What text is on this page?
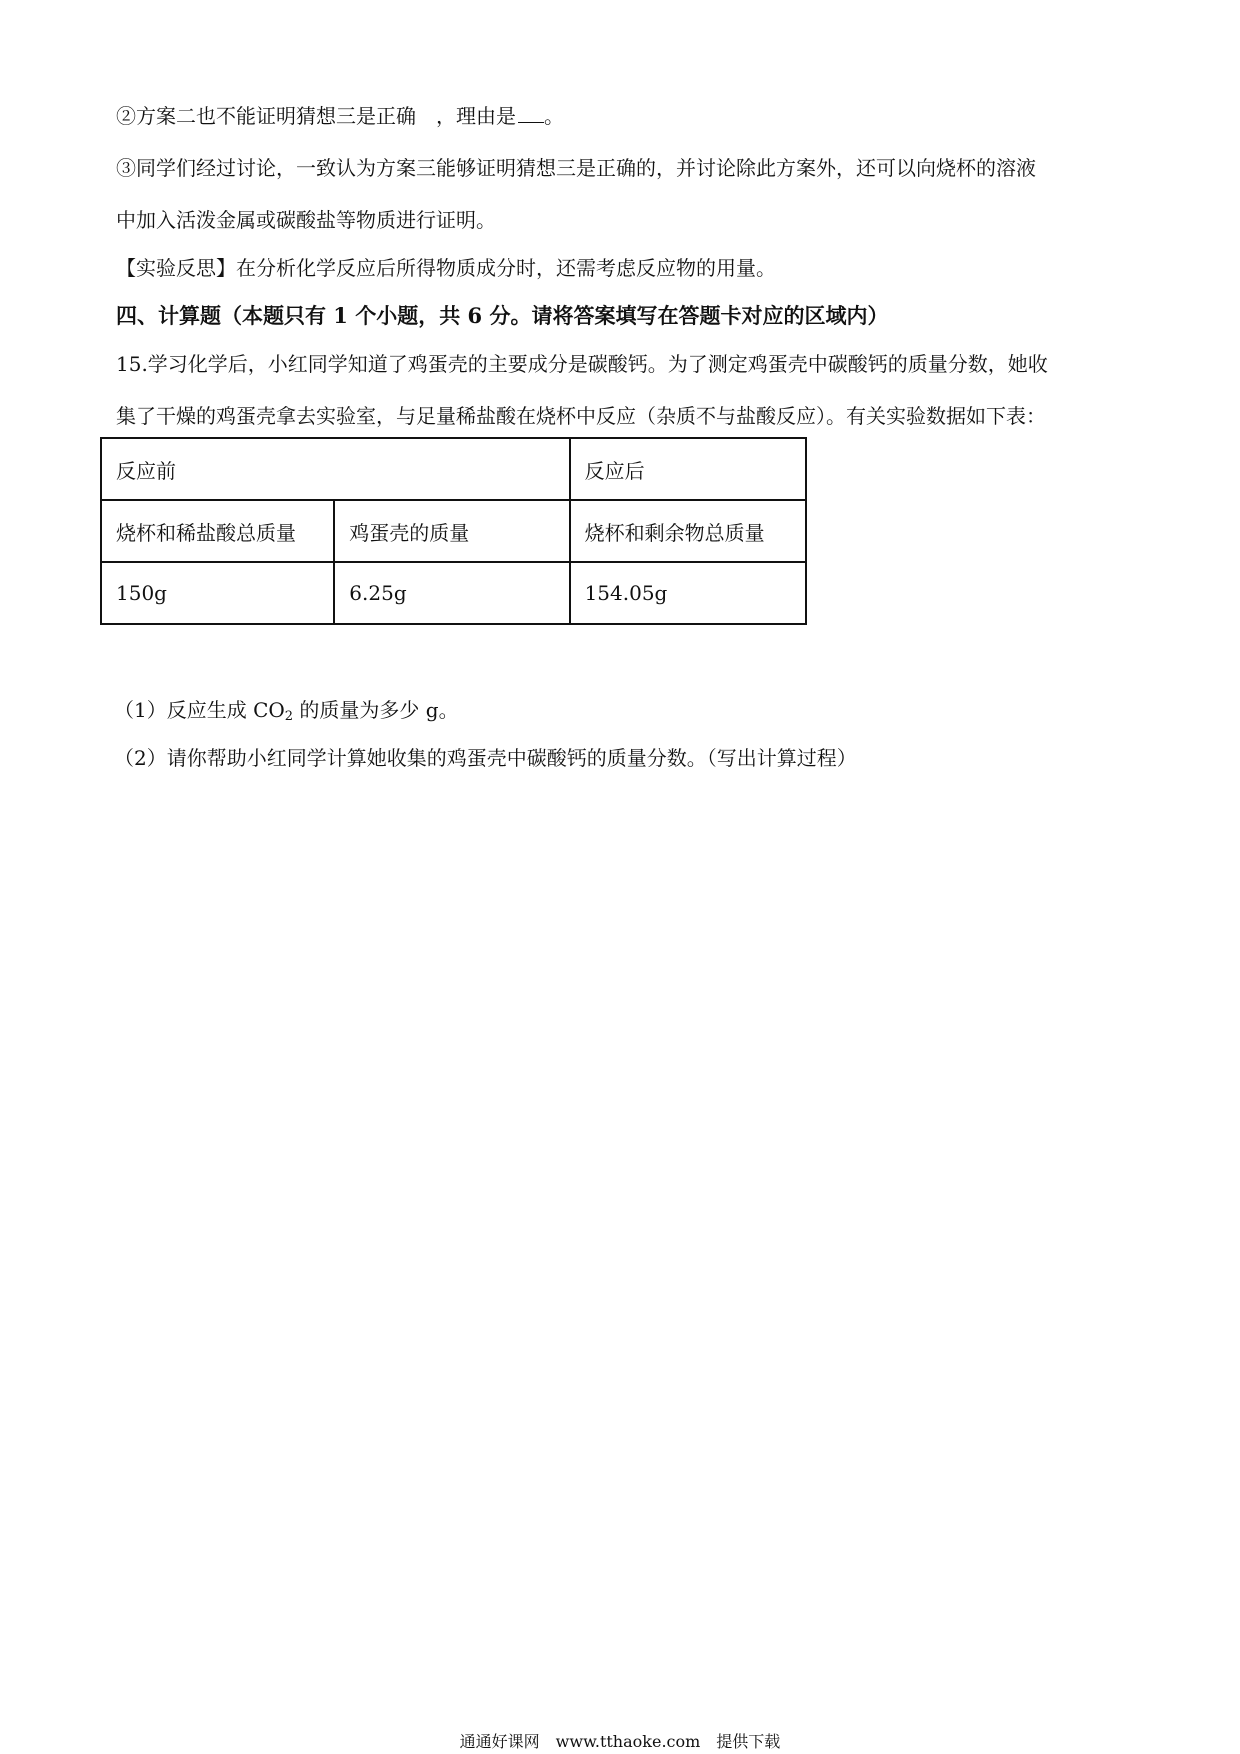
②方案二也不能证明猜想三是正确　，理由是 。
③同学们经过讨论，一致认为方案三能够证明猜想三是正确的，并讨论除此方案外，还可以向烧杯的溶液
中加入活泼金属或碳酸盐等物质进行证明。
【实验反思】在分析化学反应后所得物质成分时，还需考虑反应物的用量。
四、计算题（本题只有 1 个小题，共 6 分。请将答案填写在答题卡对应的区域内）
15.学习化学后，小红同学知道了鸡蛋壳的主要成分是碳酸钙。为了测定鸡蛋壳中碳酸钙的质量分数，她收
集了干燥的鸡蛋壳拿去实验室，与足量稀盐酸在烧杯中反应（杂质不与盐酸反应）。有关实验数据如下表：
反应前		反应后
烧杯和稀盐酸总质量	鸡蛋壳的质量	烧杯和剩余物总质量
150g	6.25g	154.05g
（1）反应生成 $CO_2$ 的质量为多少 g。
（2）请你帮助小红同学计算她收集的鸡蛋壳中碳酸钙的质量分数。（写出计算过程）
通通好课网　www.tthaoke.com　提供下载
